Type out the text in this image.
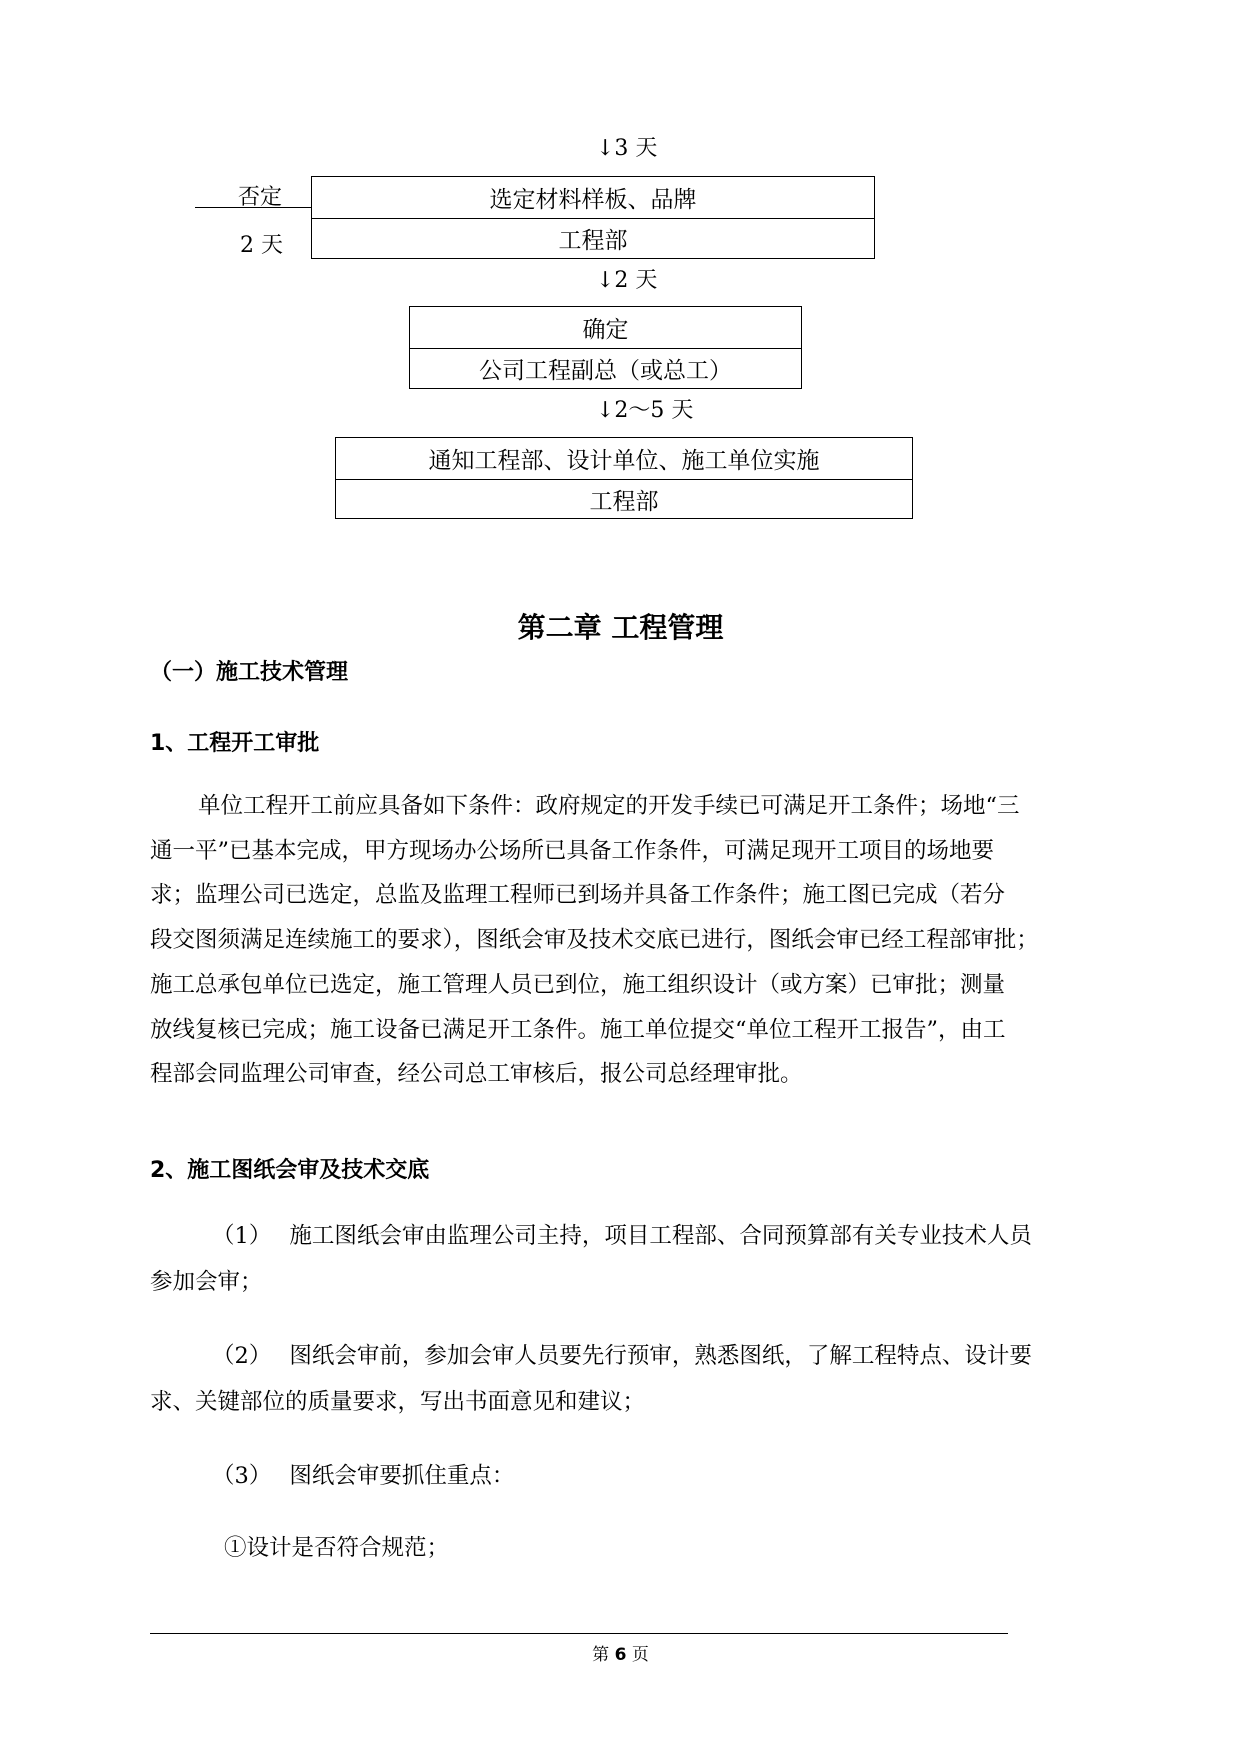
↓3 天
否定
2 天
选定材料样板、品牌
工程部
↓2 天
确定
公司工程副总（或总工）
↓2～5 天
通知工程部、设计单位、施工单位实施
工程部
第二章 工程管理
（一）施工技术管理
1、工程开工审批
单位工程开工前应具备如下条件：政府规定的开发手续已可满足开工条件；场地“三
通一平”已基本完成，甲方现场办公场所已具备工作条件，可满足现开工项目的场地要
求；监理公司已选定，总监及监理工程师已到场并具备工作条件；施工图已完成（若分
段交图须满足连续施工的要求），图纸会审及技术交底已进行，图纸会审已经工程部审批；
施工总承包单位已选定，施工管理人员已到位，施工组织设计（或方案）已审批；测量
放线复核已完成；施工设备已满足开工条件。施工单位提交“单位工程开工报告”，由工
程部会同监理公司审查，经公司总工审核后，报公司总经理审批。
2、施工图纸会审及技术交底
（1） 施工图纸会审由监理公司主持，项目工程部、合同预算部有关专业技术人员
参加会审；
（2） 图纸会审前，参加会审人员要先行预审，熟悉图纸，了解工程特点、设计要
求、关键部位的质量要求，写出书面意见和建议；
（3） 图纸会审要抓住重点：
①设计是否符合规范；
第 6 页
